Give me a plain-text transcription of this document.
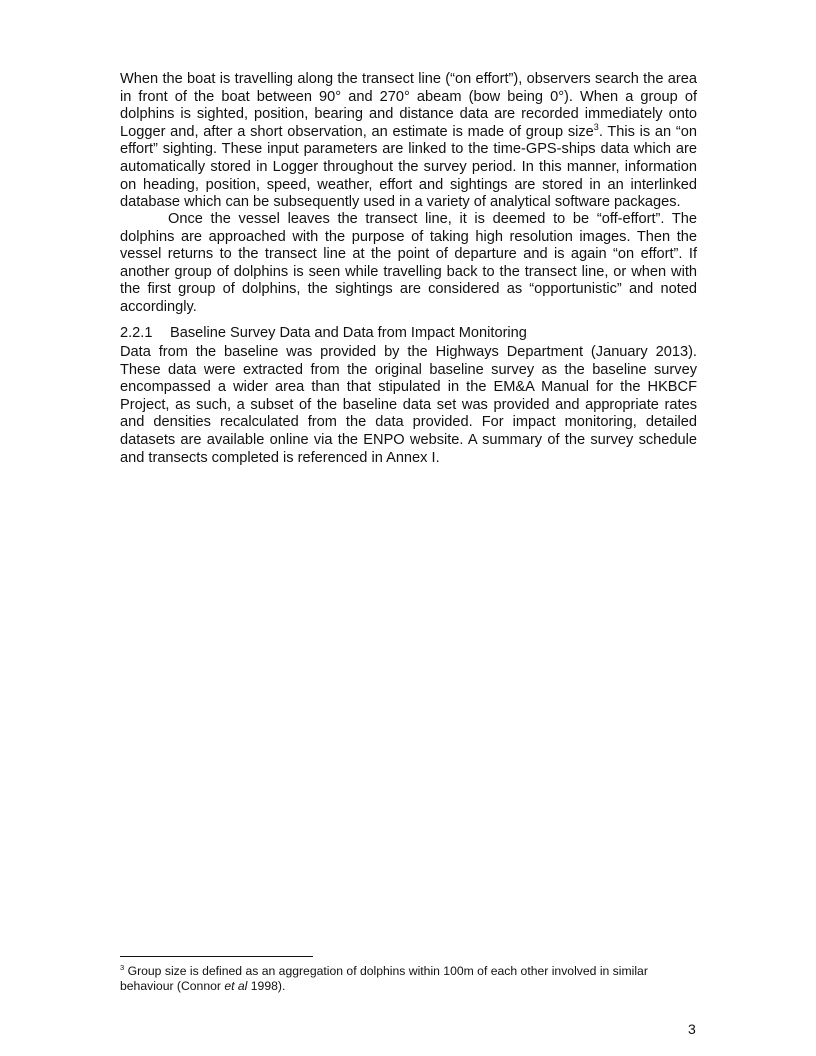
When the boat is travelling along the transect line (“on effort”), observers search the area in front of the boat between 90° and 270° abeam (bow being 0°). When a group of dolphins is sighted, position, bearing and distance data are recorded immediately onto Logger and, after a short observation, an estimate is made of group size$^3$. This is an “on effort” sighting. These input parameters are linked to the time-GPS-ships data which are automatically stored in Logger throughout the survey period. In this manner, information on heading, position, speed, weather, effort and sightings are stored in an interlinked database which can be subsequently used in a variety of analytical software packages.

Once the vessel leaves the transect line, it is deemed to be “off-effort”. The dolphins are approached with the purpose of taking high resolution images. Then the vessel returns to the transect line at the point of departure and is again “on effort”. If another group of dolphins is seen while travelling back to the transect line, or when with the first group of dolphins, the sightings are considered as “opportunistic” and noted accordingly.

2.2.1 Baseline Survey Data and Data from Impact Monitoring

Data from the baseline was provided by the Highways Department (January 2013). These data were extracted from the original baseline survey as the baseline survey encompassed a wider area than that stipulated in the EM&A Manual for the HKBCF Project, as such, a subset of the baseline data set was provided and appropriate rates and densities recalculated from the data provided. For impact monitoring, detailed datasets are available online via the ENPO website. A summary of the survey schedule and transects completed is referenced in Annex I.

$^3$ Group size is defined as an aggregation of dolphins within 100m of each other involved in similar behaviour (Connor et al 1998).
3
